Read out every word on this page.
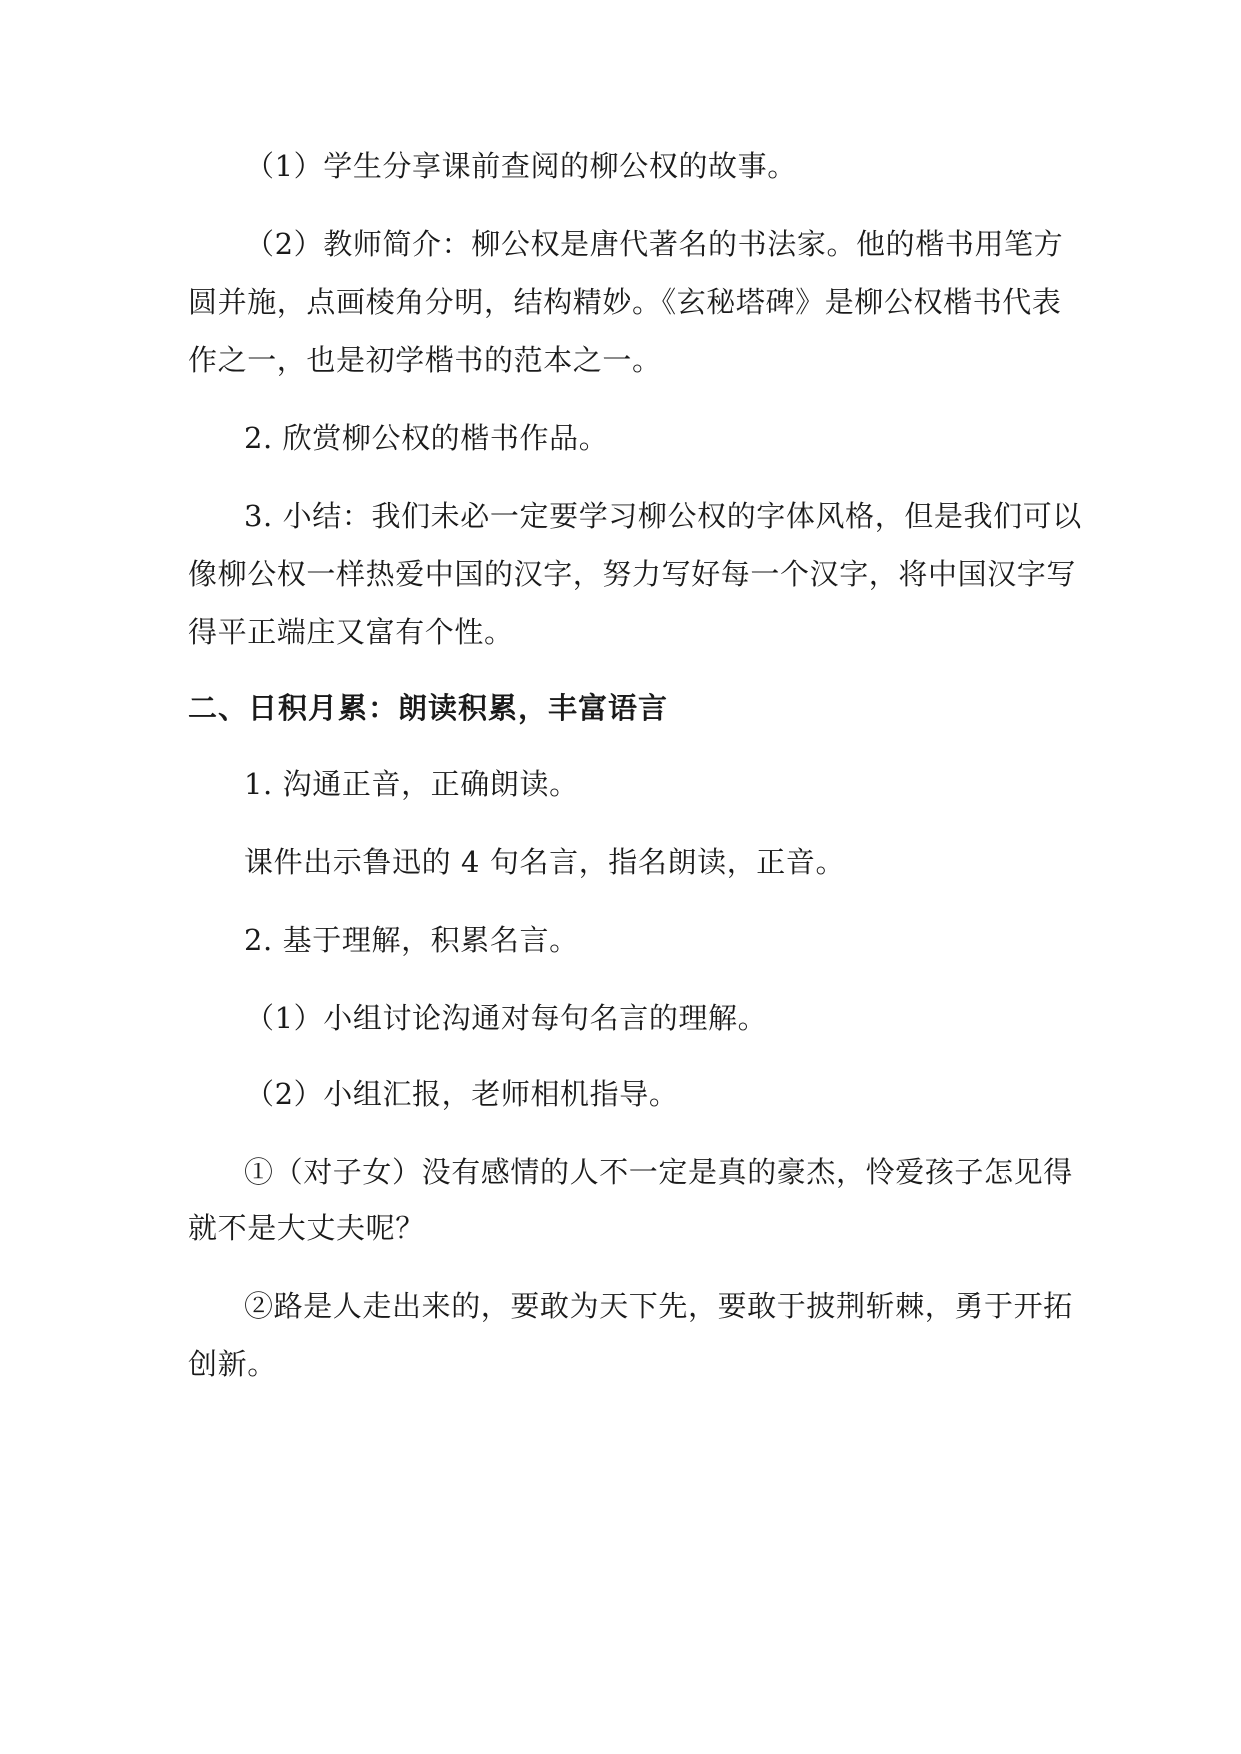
（1）学生分享课前查阅的柳公权的故事。
（2）教师简介：柳公权是唐代著名的书法家。他的楷书用笔方
圆并施，点画棱角分明，结构精妙。《玄秘塔碑》是柳公权楷书代表
作之一，也是初学楷书的范本之一。
2. 欣赏柳公权的楷书作品。
3. 小结：我们未必一定要学习柳公权的字体风格，但是我们可以
像柳公权一样热爱中国的汉字，努力写好每一个汉字，将中国汉字写
得平正端庄又富有个性。
二、日积月累：朗读积累，丰富语言
1. 沟通正音，正确朗读。
课件出示鲁迅的 4 句名言，指名朗读，正音。
2. 基于理解，积累名言。
（1）小组讨论沟通对每句名言的理解。
（2）小组汇报，老师相机指导。
①（对子女）没有感情的人不一定是真的豪杰，怜爱孩子怎见得
就不是大丈夫呢？
②路是人走出来的，要敢为天下先，要敢于披荆斩棘，勇于开拓
创新。
